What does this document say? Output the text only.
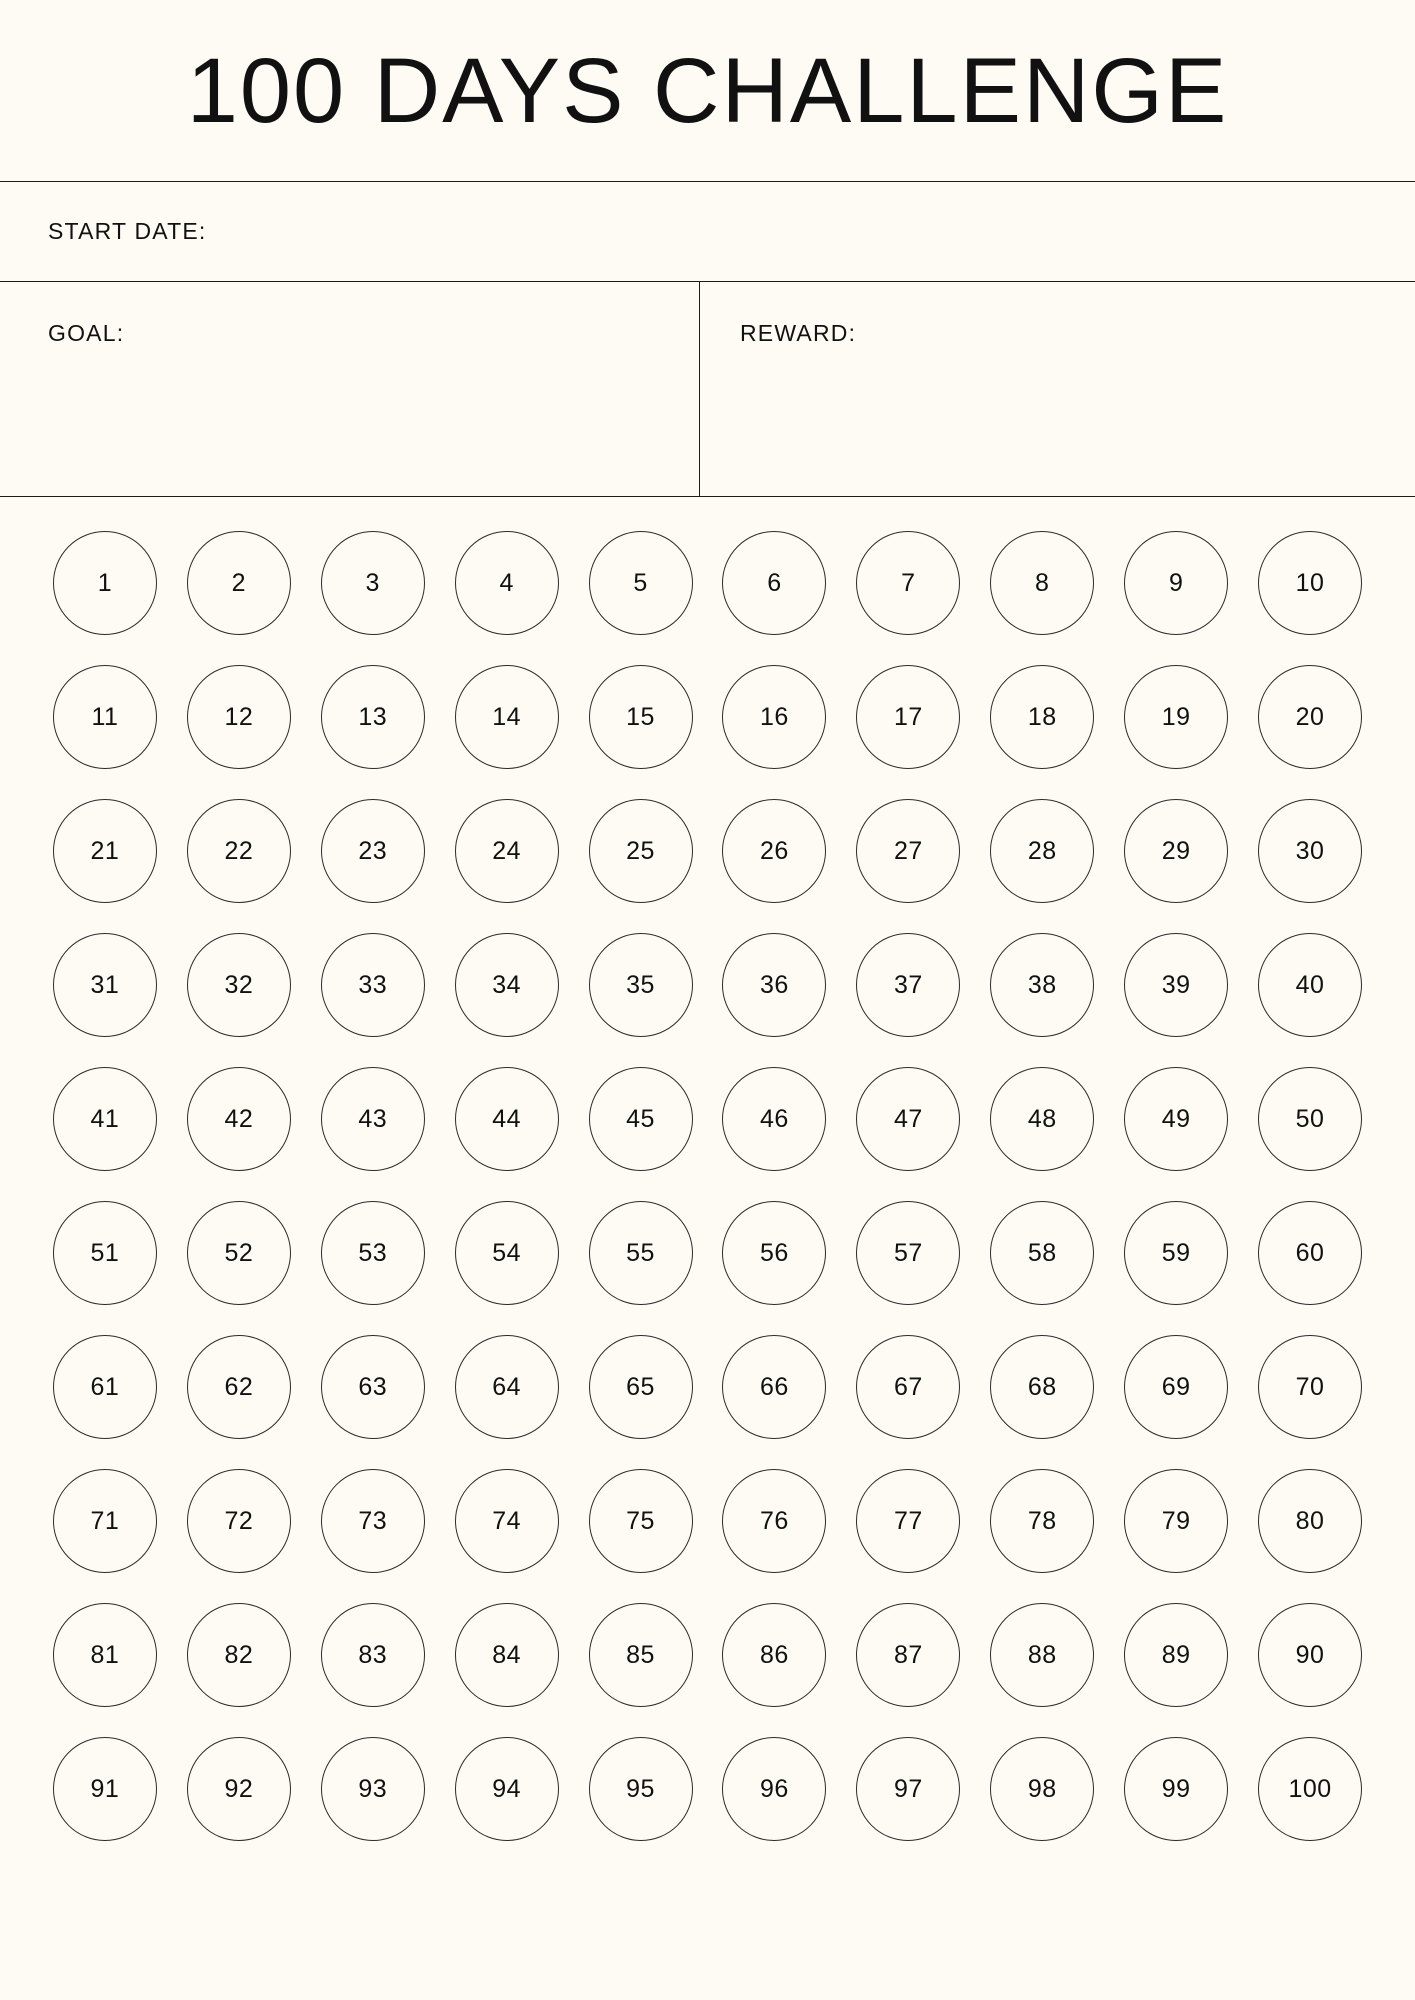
100 DAYS CHALLENGE
START DATE:
GOAL:	REWARD:
1	2	3	4	5	6	7	8	9	10
11	12	13	14	15	16	17	18	19	20
21	22	23	24	25	26	27	28	29	30
31	32	33	34	35	36	37	38	39	40
41	42	43	44	45	46	47	48	49	50
51	52	53	54	55	56	57	58	59	60
61	62	63	64	65	66	67	68	69	70
71	72	73	74	75	76	77	78	79	80
81	82	83	84	85	86	87	88	89	90
91	92	93	94	95	96	97	98	99	100
